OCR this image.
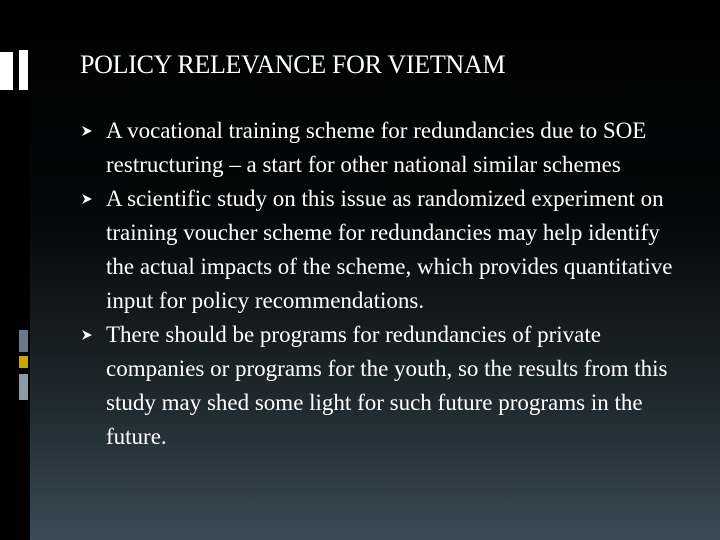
POLICY RELEVANCE FOR VIETNAM
A vocational training scheme for redundancies due to SOE restructuring – a start for other national similar schemes
A scientific study on this issue as randomized experiment on training voucher scheme for redundancies may help identify the actual impacts of the scheme, which provides quantitative input for policy recommendations.
There should be programs for redundancies of private companies or programs for the youth, so the results from this study may shed some light for such future programs in the future.
